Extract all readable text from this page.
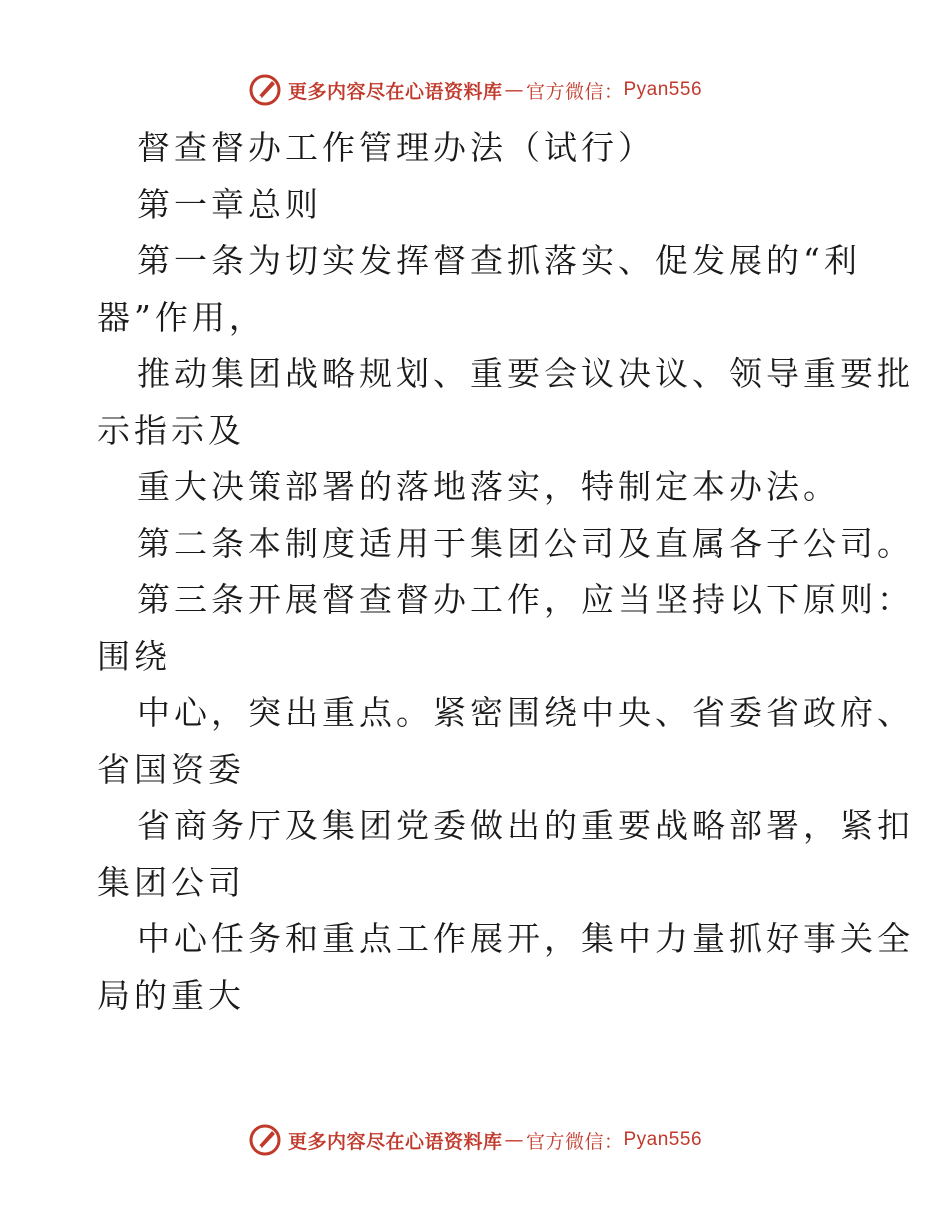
更多内容尽在心语资料库 — 官方微信： Pyan556
督查督办工作管理办法（试行）
第一章总则
第一条为切实发挥督查抓落实、促发展的“利
器”作用，
推动集团战略规划、重要会议决议、领导重要批
示指示及
重大决策部署的落地落实，特制定本办法。
第二条本制度适用于集团公司及直属各子公司。
第三条开展督查督办工作，应当坚持以下原则：
围绕
中心，突出重点。紧密围绕中央、省委省政府、
省国资委
省商务厅及集团党委做出的重要战略部署，紧扣
集团公司
中心任务和重点工作展开，集中力量抓好事关全
局的重大
更多内容尽在心语资料库 — 官方微信： Pyan556
